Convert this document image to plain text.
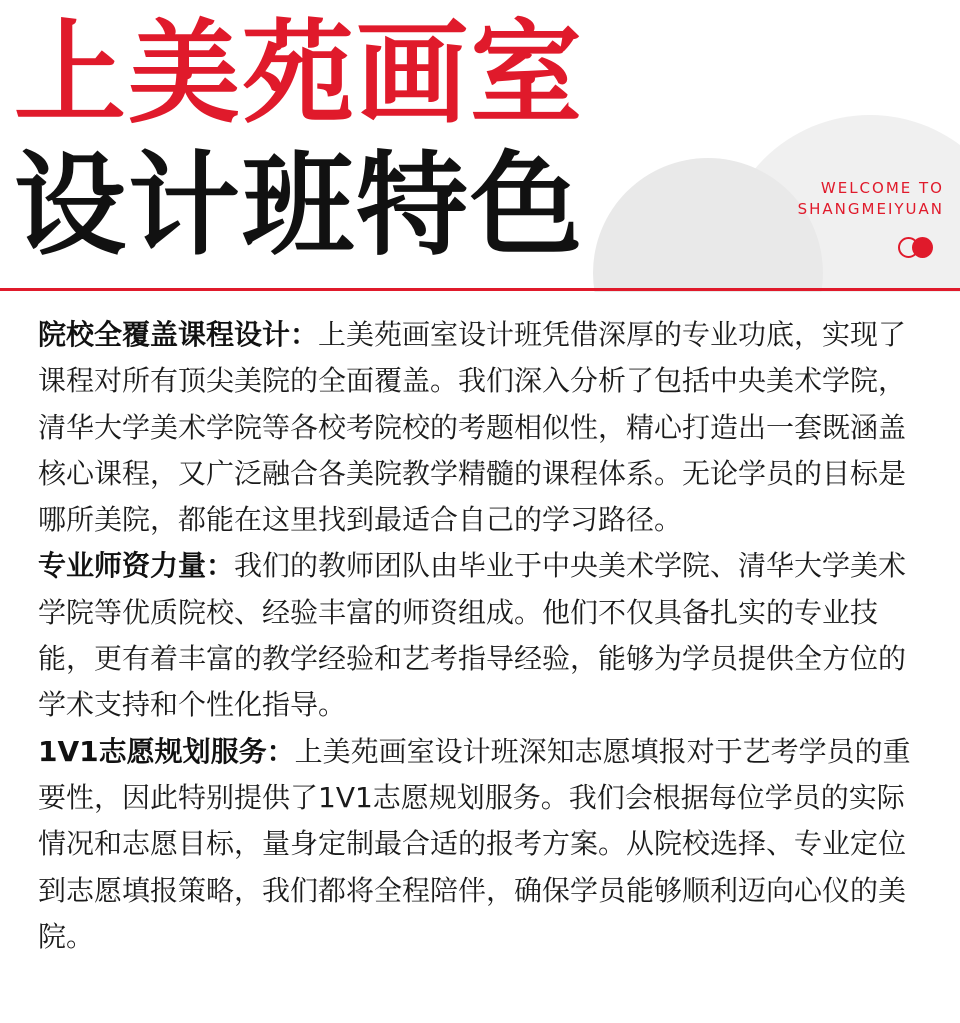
上美苑画室
设计班特色	WELCOME TO
SHANGMEIYUAN

院校全覆盖课程设计：上美苑画室设计班凭借深厚的专业功底，实现了课程对所有顶尖美院的全面覆盖。我们深入分析了包括中央美术学院，清华大学美术学院等各校考院校的考题相似性，精心打造出一套既涵盖核心课程，又广泛融合各美院教学精髓的课程体系。无论学员的目标是哪所美院，都能在这里找到最适合自己的学习路径。

专业师资力量：我们的教师团队由毕业于中央美术学院、清华大学美术学院等优质院校、经验丰富的师资组成。他们不仅具备扎实的专业技能，更有着丰富的教学经验和艺考指导经验，能够为学员提供全方位的学术支持和个性化指导。

1V1志愿规划服务：上美苑画室设计班深知志愿填报对于艺考学员的重要性，因此特别提供了1V1志愿规划服务。我们会根据每位学员的实际情况和志愿目标，量身定制最合适的报考方案。从院校选择、专业定位到志愿填报策略，我们都将全程陪伴，确保学员能够顺利迈向心仪的美院。
